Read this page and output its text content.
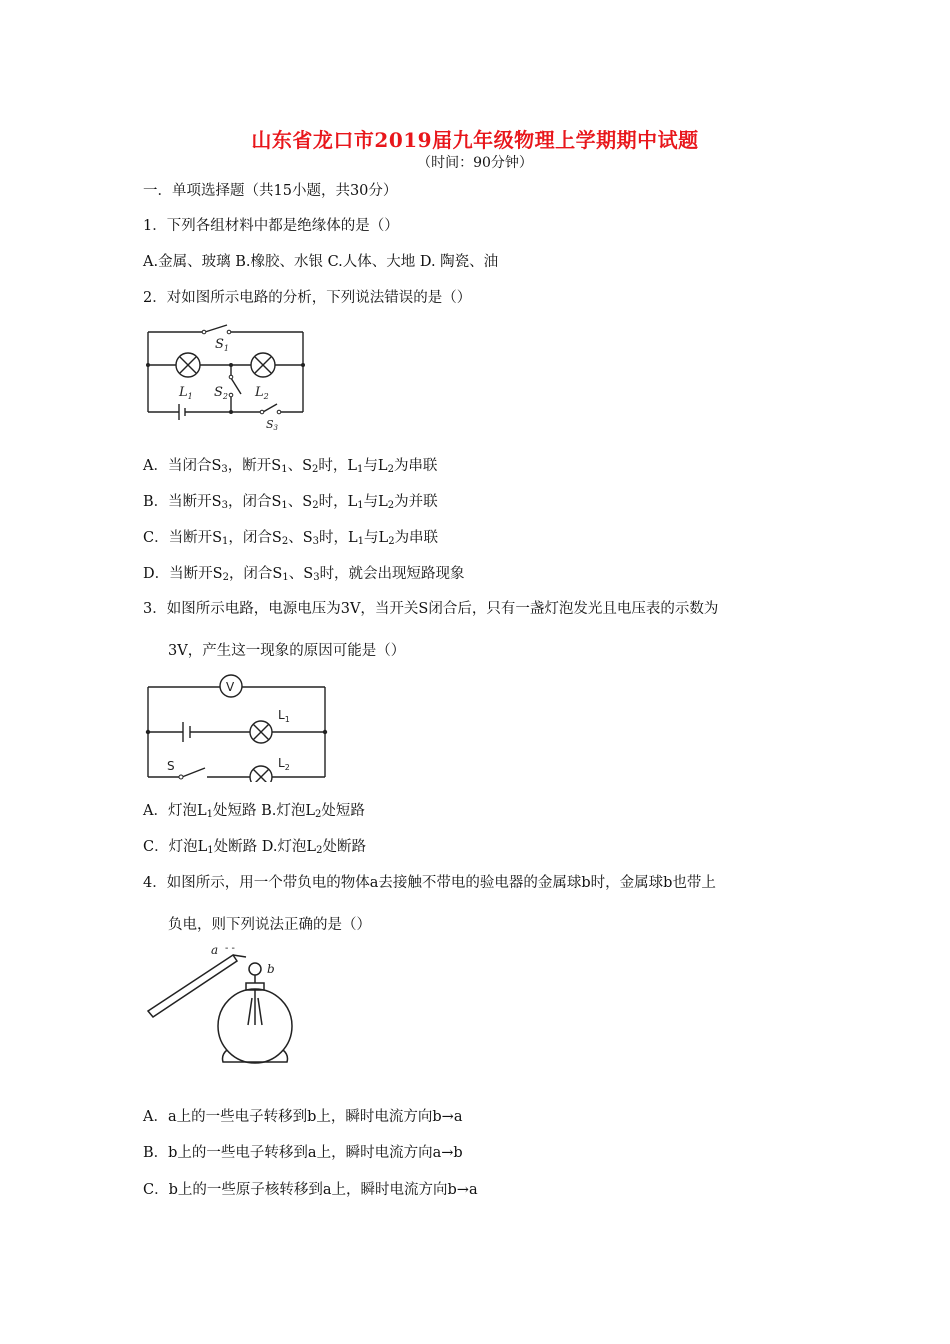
山东省龙口市2019届九年级物理上学期期中试题
（时间：90分钟）
一．单项选择题（共15小题，共30分）
1．下列各组材料中都是绝缘体的是（）
A.金属、玻璃 B.橡胶、水银 C.人体、大地 D. 陶瓷、油
2．对如图所示电路的分析，下列说法错误的是（）
$S_1$
$L_1$ $S_2$ $L_2$
S3
A．当闭合$S_3$，断开$S_1$、$S_2$时，$L_1$与$L_2$为串联
B．当断开$S_3$，闭合$S_1$、$S_2$时，$L_1$与$L_2$为并联
C．当断开$S_1$，闭合$S_2$、$S_3$时，$L_1$与$L_2$为串联
D．当断开$S_2$，闭合$S_1$、$S_3$时，就会出现短路现象
3．如图所示电路，电源电压为3V，当开关S闭合后，只有一盏灯泡发光且电压表的示数为
3V，产生这一现象的原因可能是（）
V
$L_1$
$L_2$
S
A．灯泡$L_1$处短路 B.灯泡$L_2$处短路
C．灯泡$L_1$处断路 D.灯泡$L_2$处断路
4．如图所示，用一个带负电的物体a去接触不带电的验电器的金属球b时，金属球b也带上
负电，则下列说法正确的是（）
a - -
b
A．a上的一些电子转移到b上，瞬时电流方向b→a
B．b上的一些电子转移到a上，瞬时电流方向a→b
C．b上的一些原子核转移到a上，瞬时电流方向b→a
